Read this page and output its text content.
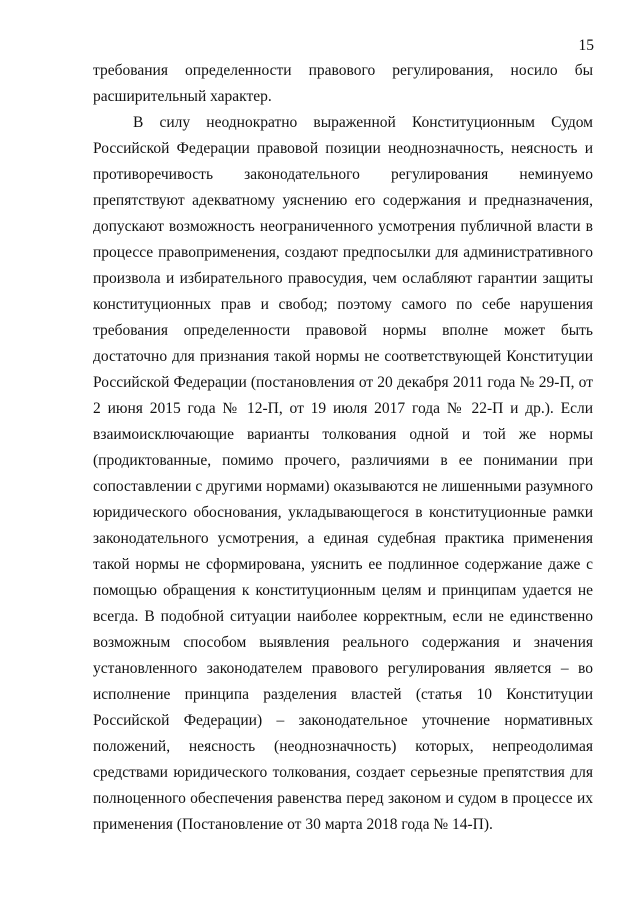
15
требования определенности правового регулирования, носило бы
расширительный характер.
В силу неоднократно выраженной Конституционным Судом
Российской Федерации правовой позиции неоднозначность, неясность и
противоречивость законодательного регулирования неминуемо
препятствуют адекватному уяснению его содержания и предназначения,
допускают возможность неограниченного усмотрения публичной власти в
процессе правоприменения, создают предпосылки для административного
произвола и избирательного правосудия, чем ослабляют гарантии защиты
конституционных прав и свобод; поэтому самого по себе нарушения
требования определенности правовой нормы вполне может быть
достаточно для признания такой нормы не соответствующей Конституции
Российской Федерации (постановления от 20 декабря 2011 года № 29-П, от
2 июня 2015 года № 12-П, от 19 июля 2017 года № 22-П и др.). Если
взаимоисключающие варианты толкования одной и той же нормы
(продиктованные, помимо прочего, различиями в ее понимании при
сопоставлении с другими нормами) оказываются не лишенными разумного
юридического обоснования, укладывающегося в конституционные рамки
законодательного усмотрения, а единая судебная практика применения
такой нормы не сформирована, уяснить ее подлинное содержание даже с
помощью обращения к конституционным целям и принципам удается не
всегда. В подобной ситуации наиболее корректным, если не единственно
возможным способом выявления реального содержания и значения
установленного законодателем правового регулирования является – во
исполнение принципа разделения властей (статья 10 Конституции
Российской Федерации) – законодательное уточнение нормативных
положений, неясность (неоднозначность) которых, непреодолимая
средствами юридического толкования, создает серьезные препятствия для
полноценного обеспечения равенства перед законом и судом в процессе их
применения (Постановление от 30 марта 2018 года № 14-П).
